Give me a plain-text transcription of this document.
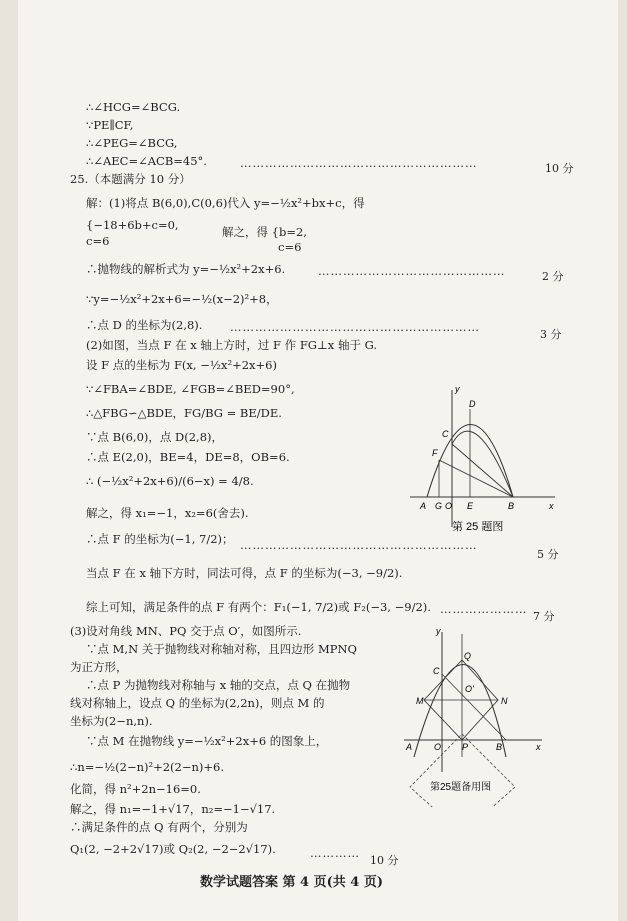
∴∠HCG=∠BCG.
∵PE∥CF,
∴∠PEG=∠BCG,
∴∠AEC=∠ACB=45°.	…………………………………………………	10 分
25.（本题满分 10 分）
解：(1)将点 B(6,0),C(0,6)代入 y=−½x²+bx+c，得
{−18+6b+c=0,	解之，得 {b=2,
c=6	c=6
∴抛物线的解析式为 y=−½x²+2x+6.	………………………………………	2 分
∵y=−½x²+2x+6=−½(x−2)²+8，
∴点 D 的坐标为(2,8). ……………………………………………………
3 分
(2)如图，当点 F 在 x 轴上方时，过 F 作 FG⊥x 轴于 G.
设 F 点的坐标为 F(x, −½x²+2x+6)
∵∠FBA=∠BDE, ∠FGB=∠BED=90°,
∴△FBG∽△BDE，FG/BG = BE/DE.
∵点 B(6,0)，点 D(2,8)，
∴点 E(2,0)，BE=4，DE=8，OB=6.
∴ (−½x²+2x+6)/(6−x) = 4/8.
解之，得 x₁=−1，x₂=6(舍去).
∴点 F 的坐标为(−1, 7/2)； …………………………………………………
5 分
当点 F 在 x 轴下方时，同法可得，点 F 的坐标为(−3, −9/2).
综上可知，满足条件的点 F 有两个：F₁(−1, 7/2)或 F₂(−3, −9/2). …………………
7 分
(3)设对角线 MN、PQ 交于点 O′，如图所示.
∵点 M,N 关于抛物线对称轴对称，且四边形 MPNQ
为正方形，
∴点 P 为抛物线对称轴与 x 轴的交点，点 Q 在抛物
线对称轴上，设点 Q 的坐标为(2,2n)，则点 M 的
坐标为(2−n,n).
∵点 M 在抛物线 y=−½x²+2x+6 的图象上，
∴n=−½(2−n)²+2(2−n)+6.
化简，得 n²+2n−16=0.
解之，得 n₁=−1+√17，n₂=−1−√17.
∴满足条件的点 Q 有两个，分别为
Q₁(2, −2+2√17)或 Q₂(2, −2−2√17).	…………
10 分
数学试题答案 第 4 页(共 4 页)
y
x
D
C
F
A G O E	B
第 25 题图
y
x
C
Q
M	N
O'
A O P	B
第25题备用图
